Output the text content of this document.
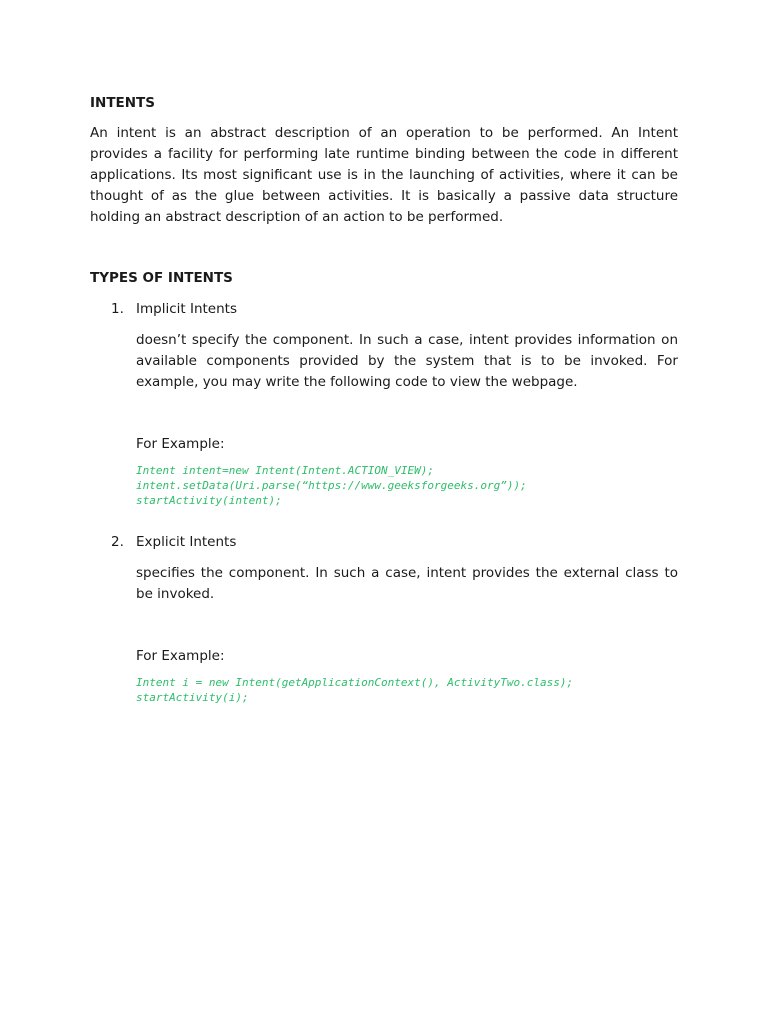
INTENTS

An intent is an abstract description of an operation to be performed. An Intent provides a facility for performing late runtime binding between the code in different applications. Its most significant use is in the launching of activities, where it can be thought of as the glue between activities. It is basically a passive data structure holding an abstract description of an action to be performed.

TYPES OF INTENTS
1. Implicit Intents

doesn’t specify the component. In such a case, intent provides information on available components provided by the system that is to be invoked. For example, you may write the following code to view the webpage.

For Example:

Intent intent=new Intent(Intent.ACTION_VIEW);

intent.setData(Uri.parse(“https://www.geeksforgeeks.org”));

startActivity(intent);

2. Explicit Intents

specifies the component. In such a case, intent provides the external class to be invoked.

For Example:

Intent i = new Intent(getApplicationContext(), ActivityTwo.class);

startActivity(i);
